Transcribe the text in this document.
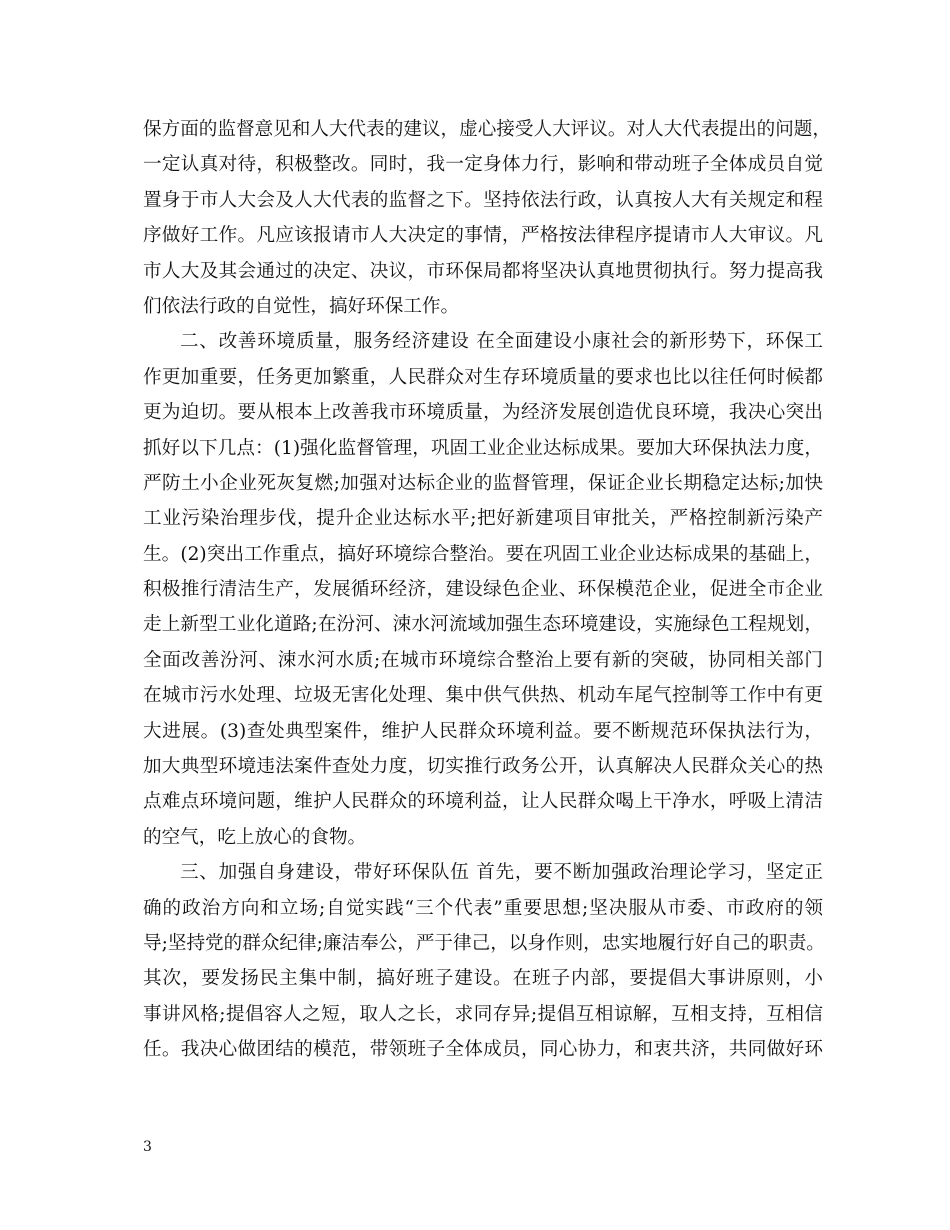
保方面的监督意见和人大代表的建议，虚心接受人大评议。对人大代表提出的问题，
一定认真对待，积极整改。同时，我一定身体力行，影响和带动班子全体成员自觉
置身于市人大会及人大代表的监督之下。坚持依法行政，认真按人大有关规定和程
序做好工作。凡应该报请市人大决定的事情，严格按法律程序提请市人大审议。凡
市人大及其会通过的决定、决议，市环保局都将坚决认真地贯彻执行。努力提高我
们依法行政的自觉性，搞好环保工作。
二、改善环境质量，服务经济建设 在全面建设小康社会的新形势下，环保工
作更加重要，任务更加繁重，人民群众对生存环境质量的要求也比以往任何时候都
更为迫切。要从根本上改善我市环境质量，为经济发展创造优良环境，我决心突出
抓好以下几点：(1)强化监督管理，巩固工业企业达标成果。要加大环保执法力度，
严防土小企业死灰复燃;加强对达标企业的监督管理，保证企业长期稳定达标;加快
工业污染治理步伐，提升企业达标水平;把好新建项目审批关，严格控制新污染产
生。(2)突出工作重点，搞好环境综合整治。要在巩固工业企业达标成果的基础上，
积极推行清洁生产，发展循环经济，建设绿色企业、环保模范企业，促进全市企业
走上新型工业化道路;在汾河、涑水河流域加强生态环境建设，实施绿色工程规划，
全面改善汾河、涑水河水质;在城市环境综合整治上要有新的突破，协同相关部门
在城市污水处理、垃圾无害化处理、集中供气供热、机动车尾气控制等工作中有更
大进展。(3)查处典型案件，维护人民群众环境利益。要不断规范环保执法行为，
加大典型环境违法案件查处力度，切实推行政务公开，认真解决人民群众关心的热
点难点环境问题，维护人民群众的环境利益，让人民群众喝上干净水，呼吸上清洁
的空气，吃上放心的食物。
三、加强自身建设，带好环保队伍 首先，要不断加强政治理论学习，坚定正
确的政治方向和立场;自觉实践“三个代表”重要思想;坚决服从市委、市政府的领
导;坚持党的群众纪律;廉洁奉公，严于律己，以身作则，忠实地履行好自己的职责。
其次，要发扬民主集中制，搞好班子建设。在班子内部，要提倡大事讲原则，小
事讲风格;提倡容人之短，取人之长，求同存异;提倡互相谅解，互相支持，互相信
任。我决心做团结的模范，带领班子全体成员，同心协力，和衷共济，共同做好环
3
